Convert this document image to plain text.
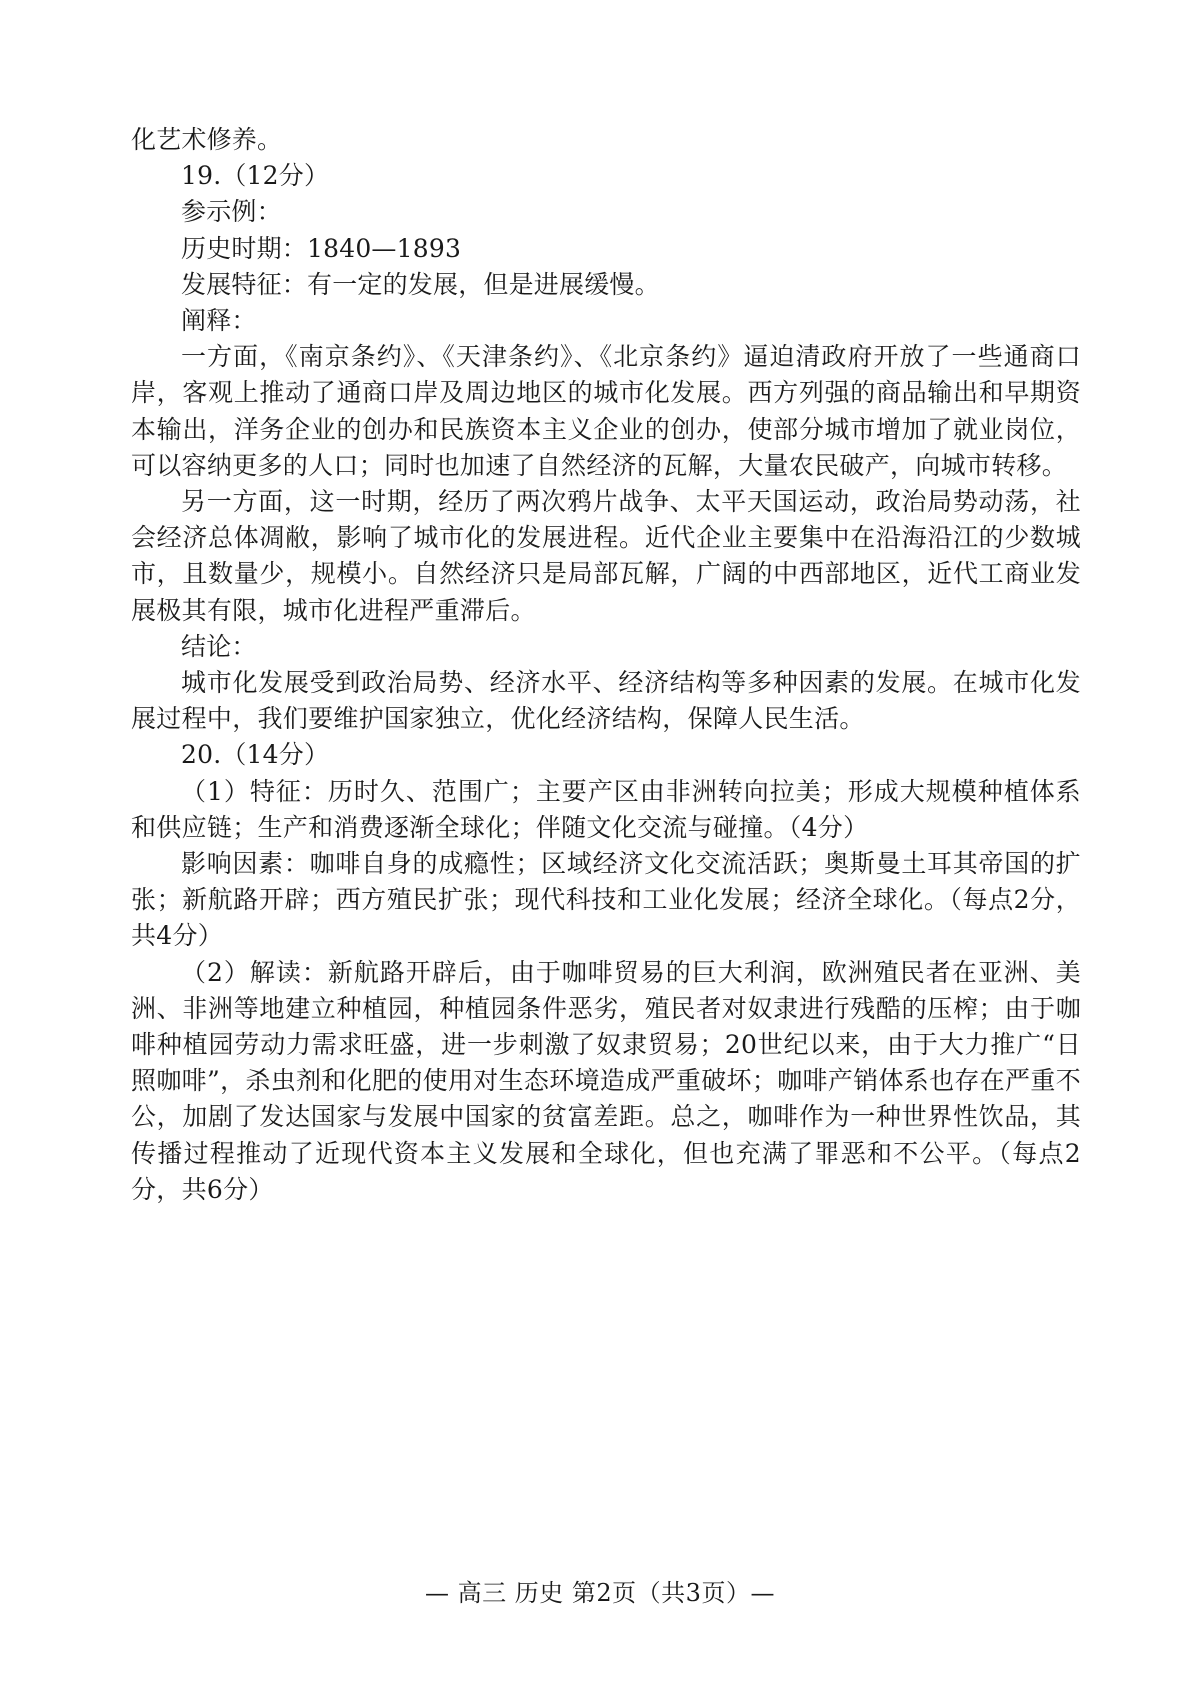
化艺术修养。

19.（12分）

参示例：

历史时期：1840—1893

发展特征：有一定的发展，但是进展缓慢。

阐释：

一方面，《南京条约》、《天津条约》、《北京条约》逼迫清政府开放了一些通商口岸，客观上推动了通商口岸及周边地区的城市化发展。西方列强的商品输出和早期资本输出，洋务企业的创办和民族资本主义企业的创办，使部分城市增加了就业岗位，可以容纳更多的人口；同时也加速了自然经济的瓦解，大量农民破产，向城市转移。

另一方面，这一时期，经历了两次鸦片战争、太平天国运动，政治局势动荡，社会经济总体凋敝，影响了城市化的发展进程。近代企业主要集中在沿海沿江的少数城市，且数量少，规模小。自然经济只是局部瓦解，广阔的中西部地区，近代工商业发展极其有限，城市化进程严重滞后。

结论：

城市化发展受到政治局势、经济水平、经济结构等多种因素的发展。在城市化发展过程中，我们要维护国家独立，优化经济结构，保障人民生活。

20.（14分）

（1）特征：历时久、范围广；主要产区由非洲转向拉美；形成大规模种植体系和供应链；生产和消费逐渐全球化；伴随文化交流与碰撞。（4分）

影响因素：咖啡自身的成瘾性；区域经济文化交流活跃；奥斯曼土耳其帝国的扩张；新航路开辟；西方殖民扩张；现代科技和工业化发展；经济全球化。（每点2分，共4分）

（2）解读：新航路开辟后，由于咖啡贸易的巨大利润，欧洲殖民者在亚洲、美洲、非洲等地建立种植园，种植园条件恶劣，殖民者对奴隶进行残酷的压榨；由于咖啡种植园劳动力需求旺盛，进一步刺激了奴隶贸易；20世纪以来，由于大力推广“日照咖啡”，杀虫剂和化肥的使用对生态环境造成严重破坏；咖啡产销体系也存在严重不公，加剧了发达国家与发展中国家的贫富差距。总之，咖啡作为一种世界性饮品，其传播过程推动了近现代资本主义发展和全球化，但也充满了罪恶和不公平。（每点2分，共6分）

— 高三 历史 第2页（共3页）—
